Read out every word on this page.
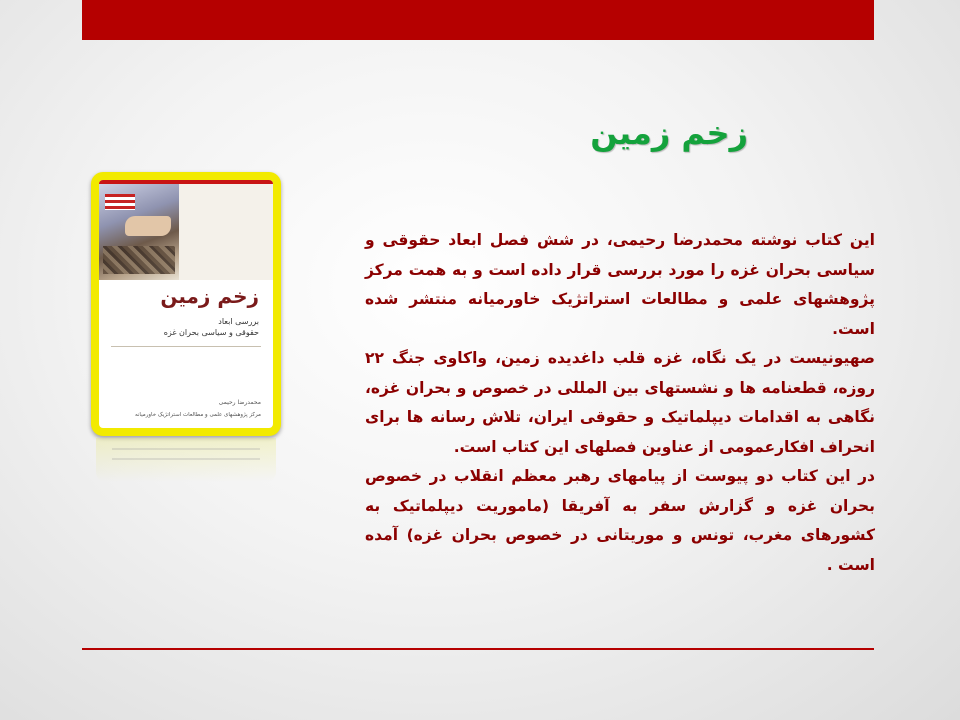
زخم زمین
زخم زمین
بررسی ابعاد
حقوقی و سیاسی بحران غزه
محمدرضا رحیمی
مرکز پژوهشهای علمی و مطالعات استراتژیک خاورمیانه

این کتاب نوشته محمدرضا رحیمی، در شش فصل ابعاد حقوقی و سیاسی بحران غزه را مورد بررسی قرار داده است و به همت مرکز پژوهشهای علمی و مطالعات استراتژیک خاورمیانه منتشر شده است.

صهیونیست در یک نگاه، غزه قلب داغدیده زمین، واکاوی جنگ ۲۲ روزه، قطعنامه ها و نشستهای بین المللی در خصوص و بحران غزه، نگاهی به اقدامات دیپلماتیک و حقوقی ایران، تلاش رسانه ها برای انحراف افکارعمومی از عناوین فصلهای این کتاب است.

در این کتاب دو پیوست از پیامهای رهبر معظم انقلاب در خصوص بحران غزه و گزارش سفر به آفریقا (ماموریت دیپلماتیک به کشورهای مغرب، تونس و موریتانی در خصوص بحران غزه) آمده است .
